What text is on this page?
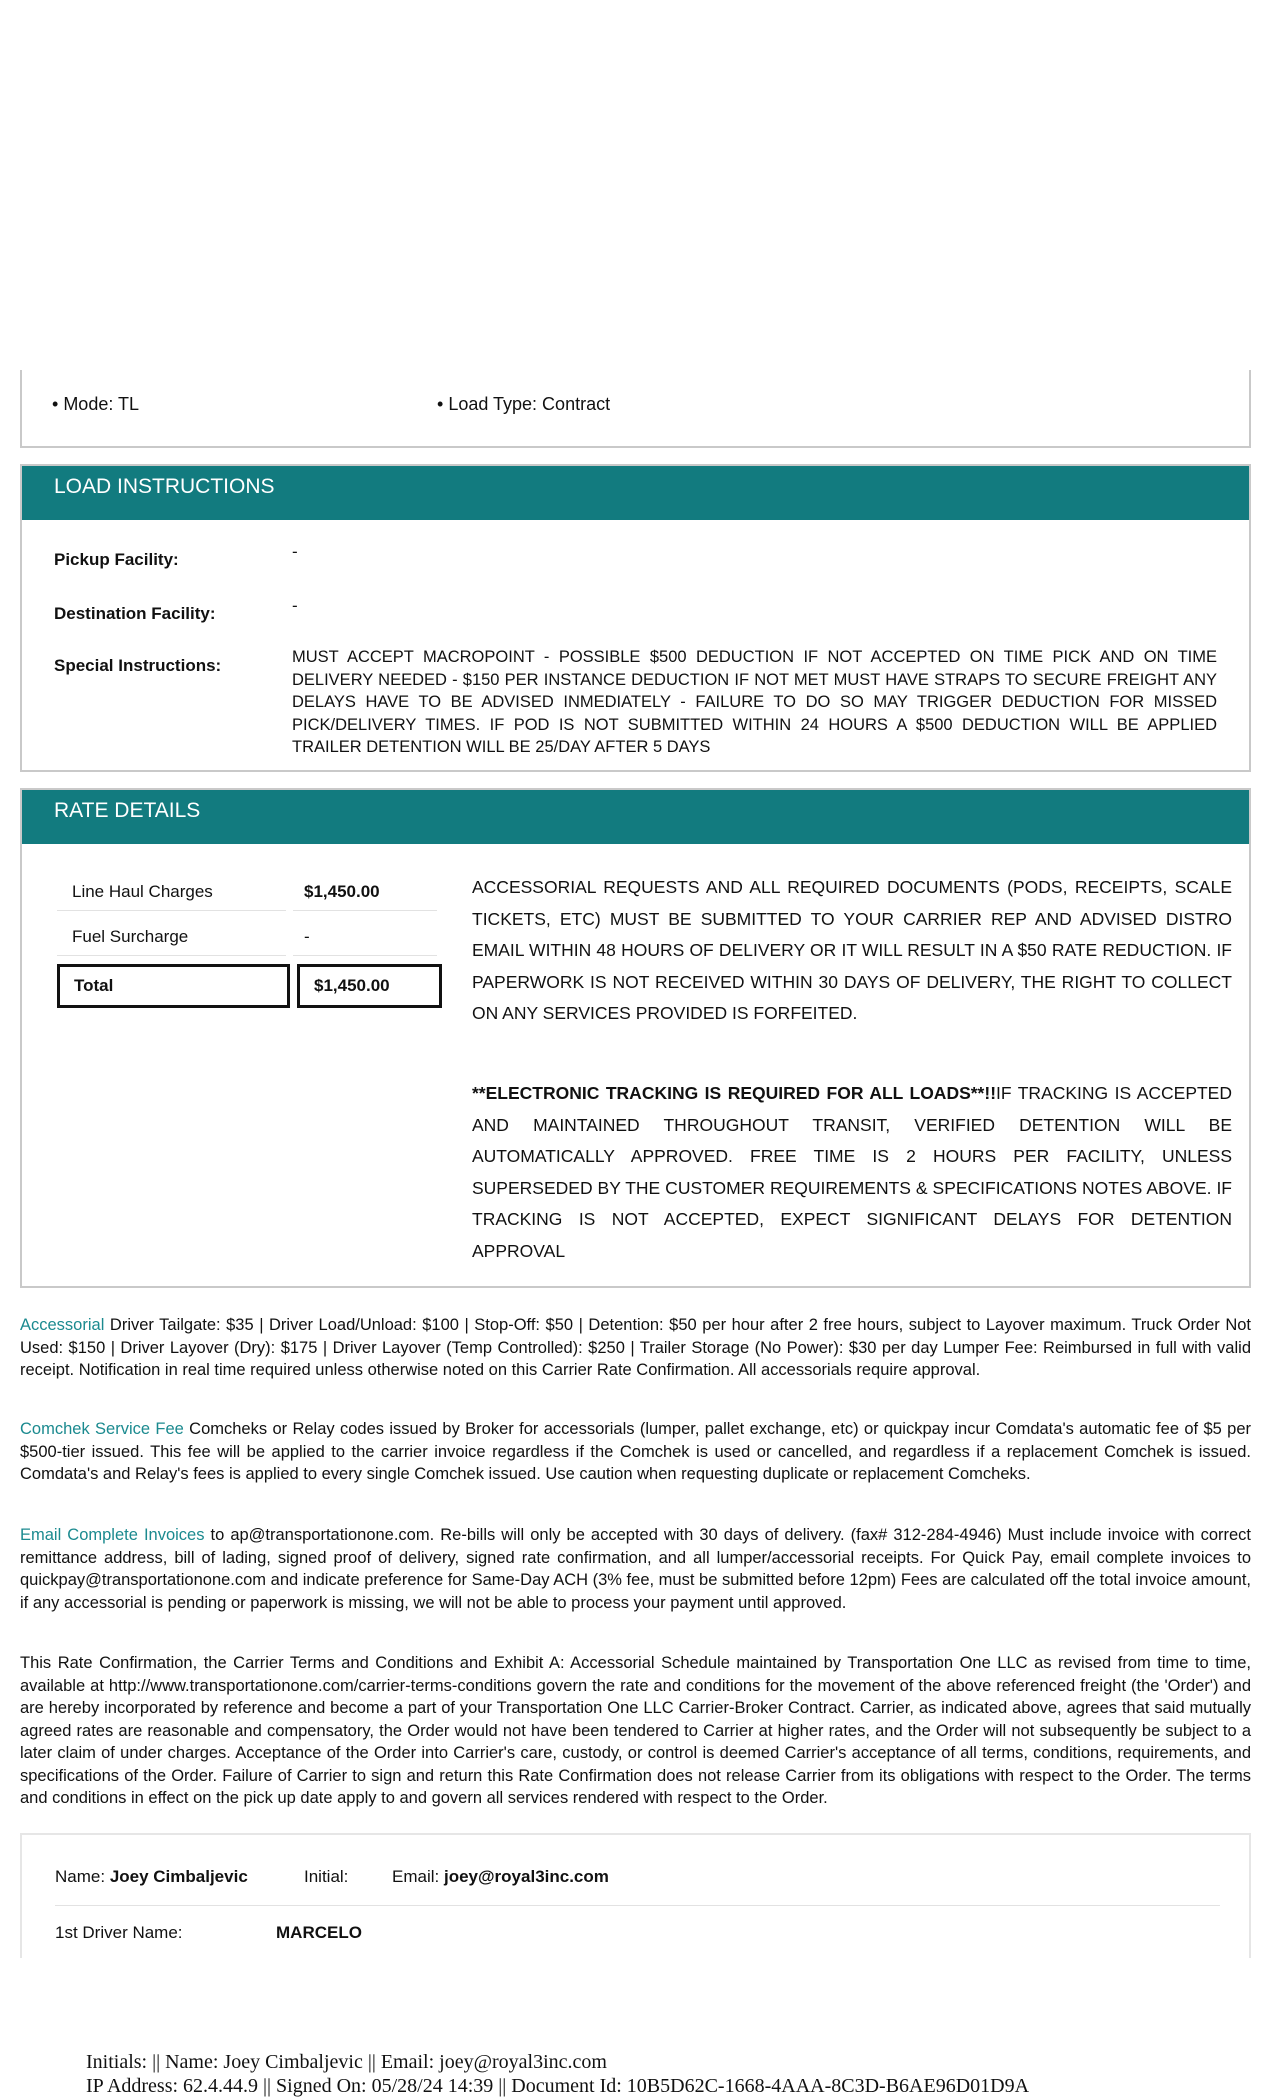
• Mode: TL
•	Load Type: Contract
LOAD INSTRUCTIONS
Pickup Facility:	-
Destination Facility:	-
Special Instructions:	MUST ACCEPT MACROPOINT - POSSIBLE $500 DEDUCTION IF NOT ACCEPTED ON TIME PICK AND ON TIME DELIVERY NEEDED - $150 PER INSTANCE DEDUCTION IF NOT MET MUST HAVE STRAPS TO SECURE FREIGHT ANY DELAYS HAVE TO BE ADVISED INMEDIATELY - FAILURE TO DO SO MAY TRIGGER DEDUCTION FOR MISSED PICK/DELIVERY TIMES. IF POD IS NOT SUBMITTED WITHIN 24 HOURS A $500 DEDUCTION WILL BE APPLIED TRAILER DETENTION WILL BE 25/DAY AFTER 5 DAYS
RATE DETAILS
Line Haul Charges	$1,450.00
Fuel Surcharge	-
Total	$1,450.00
ACCESSORIAL REQUESTS AND ALL REQUIRED DOCUMENTS (PODS, RECEIPTS, SCALE TICKETS, ETC) MUST BE SUBMITTED TO YOUR CARRIER REP AND ADVISED DISTRO EMAIL WITHIN 48 HOURS OF DELIVERY OR IT WILL RESULT IN A $50 RATE REDUCTION. IF PAPERWORK IS NOT RECEIVED WITHIN 30 DAYS OF DELIVERY, THE RIGHT TO COLLECT ON ANY SERVICES PROVIDED IS FORFEITED.
**ELECTRONIC TRACKING IS REQUIRED FOR ALL LOADS**!!IF TRACKING IS ACCEPTED AND MAINTAINED THROUGHOUT TRANSIT, VERIFIED DETENTION WILL BE AUTOMATICALLY APPROVED. FREE TIME IS 2 HOURS PER FACILITY, UNLESS SUPERSEDED BY THE CUSTOMER REQUIREMENTS & SPECIFICATIONS NOTES ABOVE. IF TRACKING IS NOT ACCEPTED, EXPECT SIGNIFICANT DELAYS FOR DETENTION APPROVAL
Accessorial Driver Tailgate: $35 | Driver Load/Unload: $100 | Stop-Off: $50 | Detention: $50 per hour after 2 free hours, subject to Layover maximum. Truck Order Not Used: $150 | Driver Layover (Dry): $175 | Driver Layover (Temp Controlled): $250 | Trailer Storage (No Power): $30 per day Lumper Fee: Reimbursed in full with valid receipt. Notification in real time required unless otherwise noted on this Carrier Rate Confirmation. All accessorials require approval.
Comchek Service Fee Comcheks or Relay codes issued by Broker for accessorials (lumper, pallet exchange, etc) or quickpay incur Comdata's automatic fee of $5 per $500-tier issued. This fee will be applied to the carrier invoice regardless if the Comchek is used or cancelled, and regardless if a replacement Comchek is issued. Comdata's and Relay's fees is applied to every single Comchek issued. Use caution when requesting duplicate or replacement Comcheks.
Email Complete Invoices to ap@transportationone.com. Re-bills will only be accepted with 30 days of delivery. (fax# 312-284-4946) Must include invoice with correct remittance address, bill of lading, signed proof of delivery, signed rate confirmation, and all lumper/accessorial receipts. For Quick Pay, email complete invoices to quickpay@transportationone.com and indicate preference for Same-Day ACH (3% fee, must be submitted before 12pm) Fees are calculated off the total invoice amount, if any accessorial is pending or paperwork is missing, we will not be able to process your payment until approved.
This Rate Confirmation, the Carrier Terms and Conditions and Exhibit A: Accessorial Schedule maintained by Transportation One LLC as revised from time to time, available at http://www.transportationone.com/carrier-terms-conditions govern the rate and conditions for the movement of the above referenced freight (the 'Order') and are hereby incorporated by reference and become a part of your Transportation One LLC Carrier-Broker Contract. Carrier, as indicated above, agrees that said mutually agreed rates are reasonable and compensatory, the Order would not have been tendered to Carrier at higher rates, and the Order will not subsequently be subject to a later claim of under charges. Acceptance of the Order into Carrier's care, custody, or control is deemed Carrier's acceptance of all terms, conditions, requirements, and specifications of the Order. Failure of Carrier to sign and return this Rate Confirmation does not release Carrier from its obligations with respect to the Order. The terms and conditions in effect on the pick up date apply to and govern all services rendered with respect to the Order.
Name: Joey Cimbaljevic	Initial:	Email: joey@royal3inc.com
1st Driver Name:	MARCELO
Initials: || Name: Joey Cimbaljevic || Email: joey@royal3inc.com
IP Address: 62.4.44.9 || Signed On: 05/28/24 14:39 || Document Id: 10B5D62C-1668-4AAA-8C3D-B6AE96D01D9A
